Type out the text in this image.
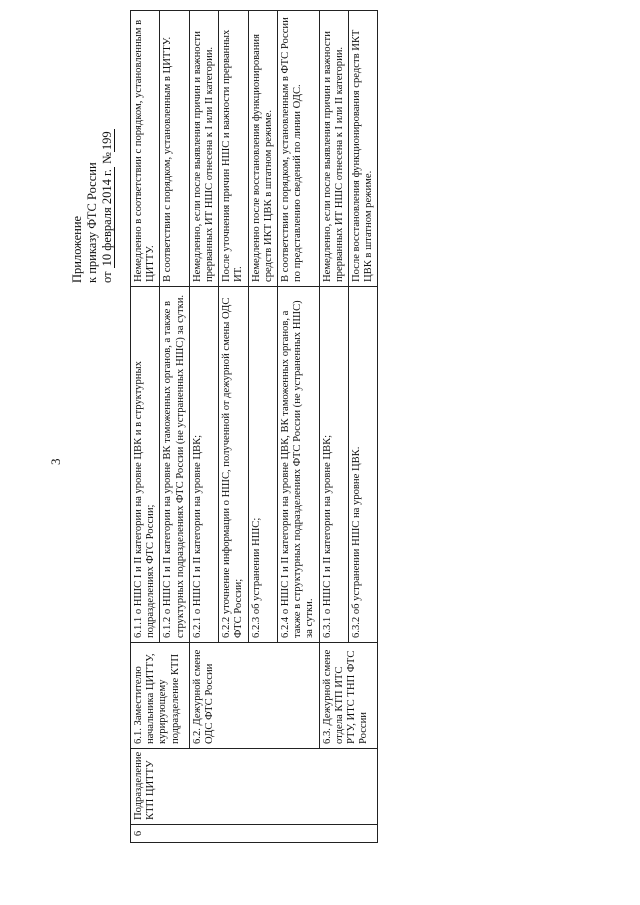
3
Приложение к приказу ФТС России от 10 февраля 2014 г. №199
6	Подразделение КТП ЦИТТУ	6.1. Заместителю начальника ЦИТТУ, курирующему подразделение КТП	6.1.1 о НШС I и II категории на уровне ЦВК и в структурных подразделениях ФТС России;	Немедленно в соответствии с порядком, установленным в ЦИТТУ.
			6.1.2 о НШС I и II категории на уровне ВК таможенных органов, а также в структурных подразделениях ФТС России (не устраненных НШС) за сутки.	В соответствии с порядком, установленным в ЦИТТУ.
		6.2. Дежурной смене ОДС ФТС России	6.2.1 о НШС I и II категории на уровне ЦВК;	Немедленно, если после выявления причин и важности прерванных ИТ НШС отнесена к I или II категории.
			6.2.2 уточнение информации о НШС, полученной от дежурной смены ОДС ФТС России;	После уточнения причин НШС и важности прерванных ИТ.
			6.2.3 об устранении НШС;	Немедленно после восстановления функционирования средств ИКТ ЦВК в штатном режиме.
			6.2.4 о НШС I и II категории на уровне ЦВК, ВК таможенных органов, а также в структурных подразделениях ФТС России (не устраненных НШС) за сутки.	В соответствии с порядком, установленным в ФТС России по представлению сведений по линии ОДС.
		6.3. Дежурной смене отдела КТП ИТС РТУ, ИТС ТНП ФТС России	6.3.1 о НШС I и II категории на уровне ЦВК;	Немедленно, если после выявления причин и важности прерванных ИТ НШС отнесена к I или II категории.
			6.3.2 об устранении НШС на уровне ЦВК.	После восстановления функционирования средств ИКТ ЦВК в штатном режиме.
